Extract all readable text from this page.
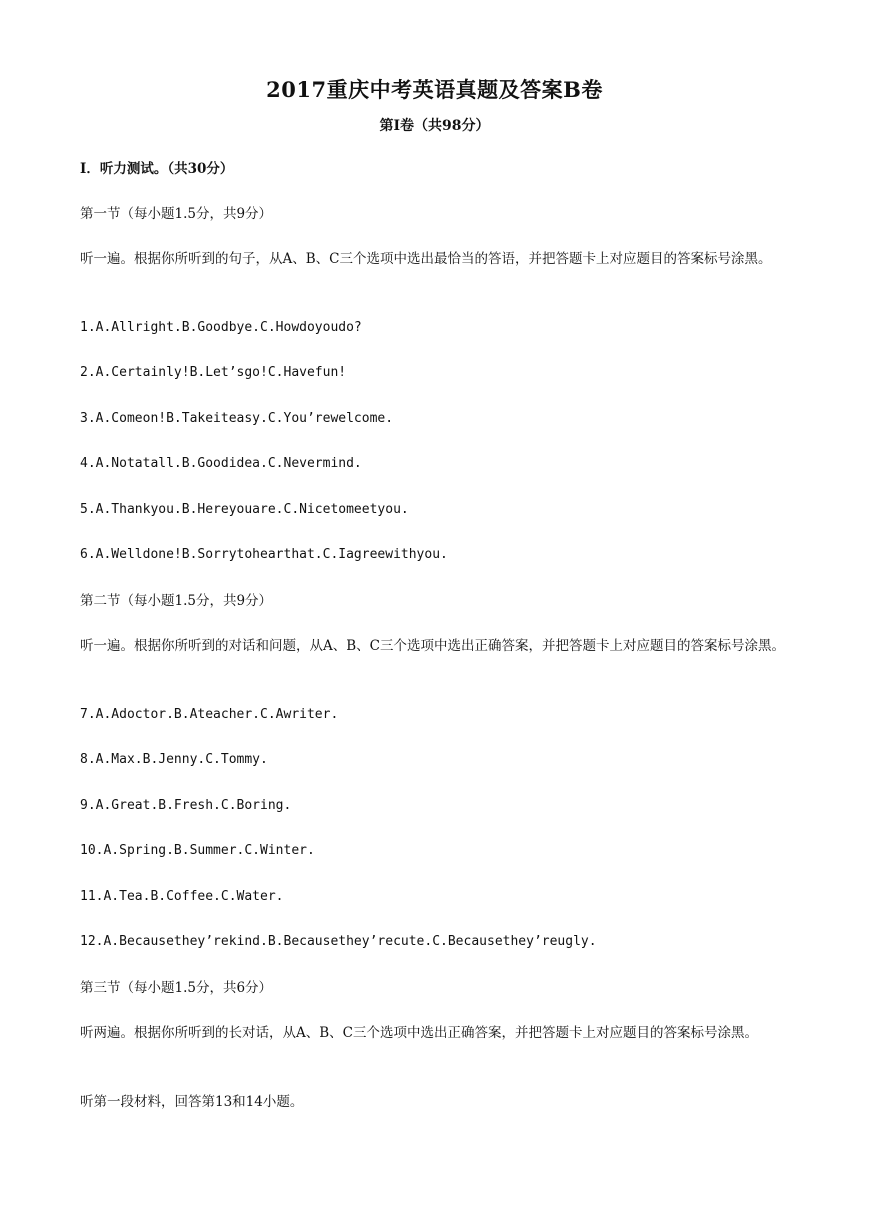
2017重庆中考英语真题及答案B卷
第I卷（共98分）
I．听力测试。（共30分）
第一节（每小题1.5分，共9分）
听一遍。根据你所听到的句子，从A、B、C三个选项中选出最恰当的答语，并把答题卡上对应题目的答案标号涂黑。
1.A.Allright.B.Goodbye.C.Howdoyoudo?
2.A.Certainly!B.Let’sgo!C.Havefun!
3.A.Comeon!B.Takeiteasy.C.You’rewelcome.
4.A.Notatall.B.Goodidea.C.Nevermind.
5.A.Thankyou.B.Hereyouare.C.Nicetomeetyou.
6.A.Welldone!B.Sorrytohearthat.C.Iagreewithyou.
第二节（每小题1.5分，共9分）
听一遍。根据你所听到的对话和问题，从A、B、C三个选项中选出正确答案，并把答题卡上对应题目的答案标号涂黑。
7.A.Adoctor.B.Ateacher.C.Awriter.
8.A.Max.B.Jenny.C.Tommy.
9.A.Great.B.Fresh.C.Boring.
10.A.Spring.B.Summer.C.Winter.
11.A.Tea.B.Coffee.C.Water.
12.A.Becausethey’rekind.B.Becausethey’recute.C.Becausethey’reugly.
第三节（每小题1.5分，共6分）
听两遍。根据你所听到的长对话，从A、B、C三个选项中选出正确答案，并把答题卡上对应题目的答案标号涂黑。
听第一段材料，回答第13和14小题。
